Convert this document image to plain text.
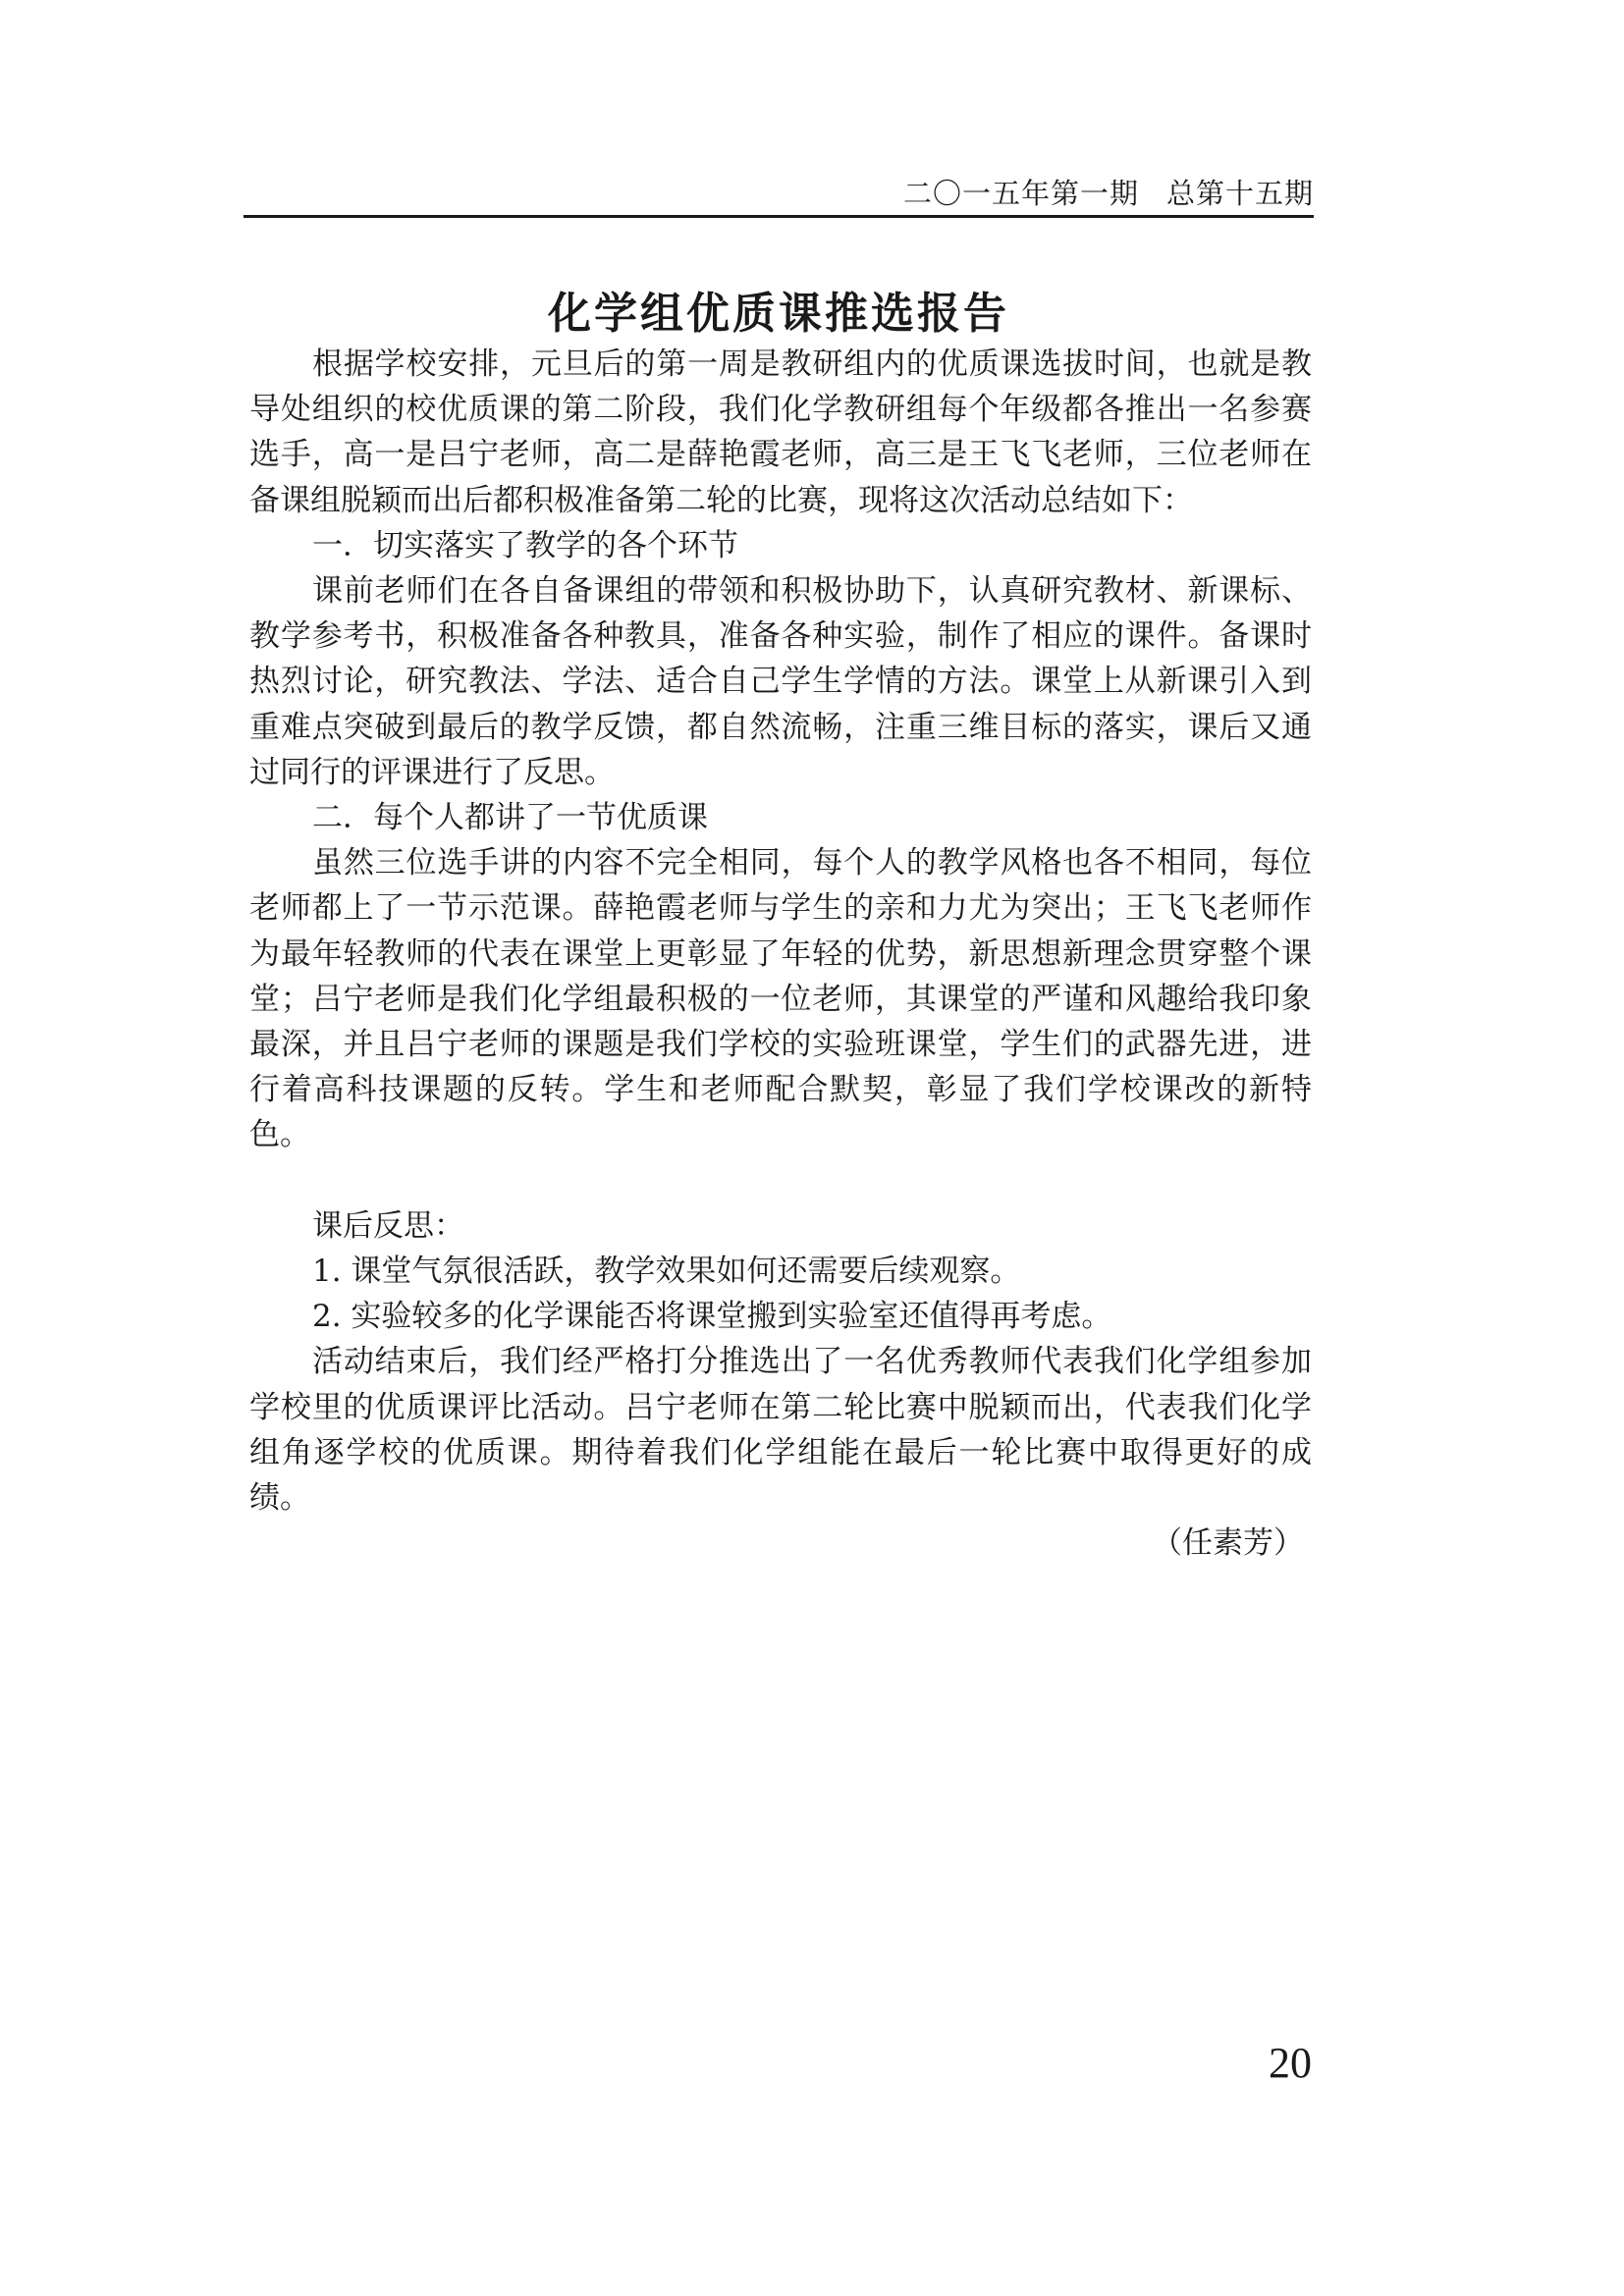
二〇一五年第一期 总第十五期
化学组优质课推选报告

根据学校安排，元旦后的第一周是教研组内的优质课选拔时间，也就是教导处组织的校优质课的第二阶段，我们化学教研组每个年级都各推出一名参赛选手，高一是吕宁老师，高二是薛艳霞老师，高三是王飞飞老师，三位老师在备课组脱颖而出后都积极准备第二轮的比赛，现将这次活动总结如下：

一．切实落实了教学的各个环节

课前老师们在各自备课组的带领和积极协助下，认真研究教材、新课标、教学参考书，积极准备各种教具，准备各种实验，制作了相应的课件。备课时热烈讨论，研究教法、学法、适合自己学生学情的方法。课堂上从新课引入到重难点突破到最后的教学反馈，都自然流畅，注重三维目标的落实，课后又通过同行的评课进行了反思。

二．每个人都讲了一节优质课

虽然三位选手讲的内容不完全相同，每个人的教学风格也各不相同，每位老师都上了一节示范课。薛艳霞老师与学生的亲和力尤为突出；王飞飞老师作为最年轻教师的代表在课堂上更彰显了年轻的优势，新思想新理念贯穿整个课堂；吕宁老师是我们化学组最积极的一位老师，其课堂的严谨和风趣给我印象最深，并且吕宁老师的课题是我们学校的实验班课堂，学生们的武器先进，进行着高科技课题的反转。学生和老师配合默契，彰显了我们学校课改的新特色。

课后反思：

1. 课堂气氛很活跃，教学效果如何还需要后续观察。

2. 实验较多的化学课能否将课堂搬到实验室还值得再考虑。

活动结束后，我们经严格打分推选出了一名优秀教师代表我们化学组参加学校里的优质课评比活动。吕宁老师在第二轮比赛中脱颖而出，代表我们化学组角逐学校的优质课。期待着我们化学组能在最后一轮比赛中取得更好的成绩。

（任素芳）

20
